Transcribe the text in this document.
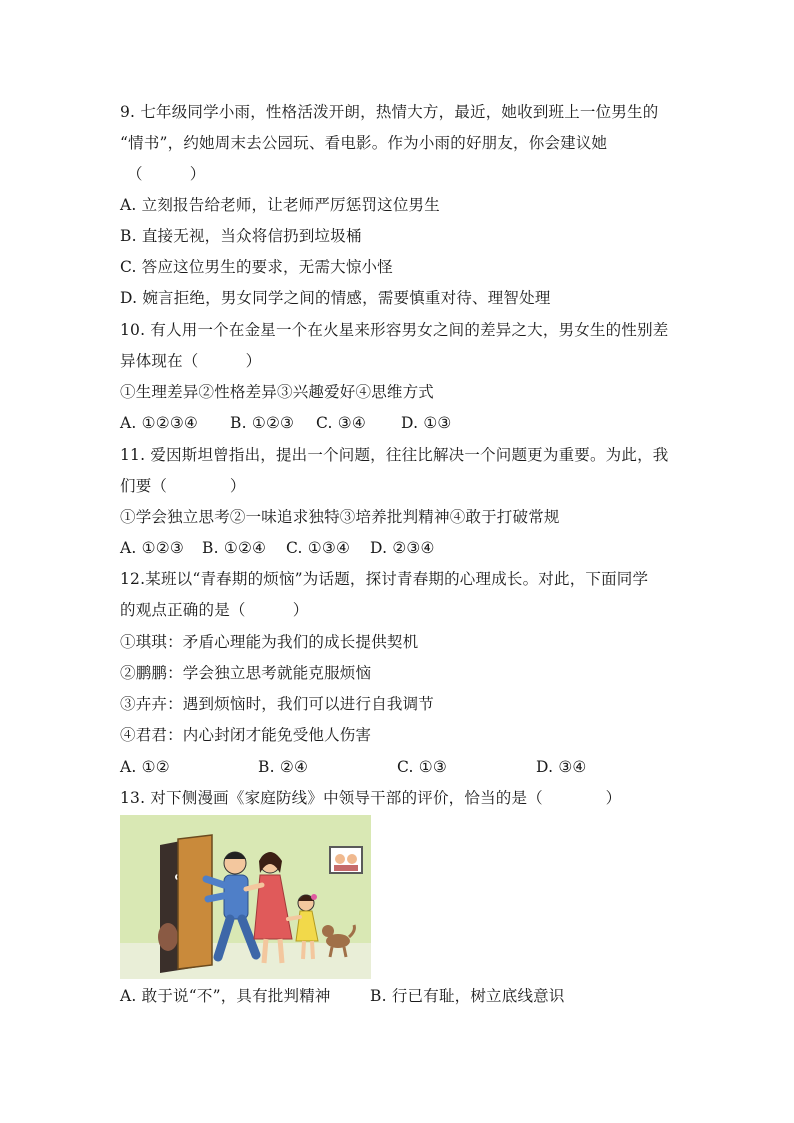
9. 七年级同学小雨，性格活泼开朗，热情大方，最近，她收到班上一位男生的
“情书”，约她周末去公园玩、看电影。作为小雨的好朋友，你会建议她
（　　　）
A. 立刻报告给老师，让老师严厉惩罚这位男生
B. 直接无视，当众将信扔到垃圾桶
C. 答应这位男生的要求，无需大惊小怪
D. 婉言拒绝，男女同学之间的情感，需要慎重对待、理智处理
10. 有人用一个在金星一个在火星来形容男女之间的差异之大，男女生的性别差
异体现在（　　　）
①生理差异②性格差异③兴趣爱好④思维方式
A. ①②③④ B. ①②③ C. ③④ D. ①③
11. 爱因斯坦曾指出，提出一个问题，往往比解决一个问题更为重要。为此，我
们要（　　　　）
①学会独立思考②一味追求独特③培养批判精神④敢于打破常规
A. ①②③ B. ①②④ C. ①③④ D. ②③④
12.某班以“青春期的烦恼”为话题，探讨青春期的心理成长。对此，下面同学
的观点正确的是（　　　）
①琪琪：矛盾心理能为我们的成长提供契机
②鹏鹏：学会独立思考就能克服烦恼
③卉卉：遇到烦恼时，我们可以进行自我调节
④君君：内心封闭才能免受他人伤害
A. ①②	B. ②④	C. ①③	D. ③④
13. 对下侧漫画《家庭防线》中领导干部的评价，恰当的是（　　　　）
A. 敢于说“不”，具有批判精神	B. 行已有耻，树立底线意识
